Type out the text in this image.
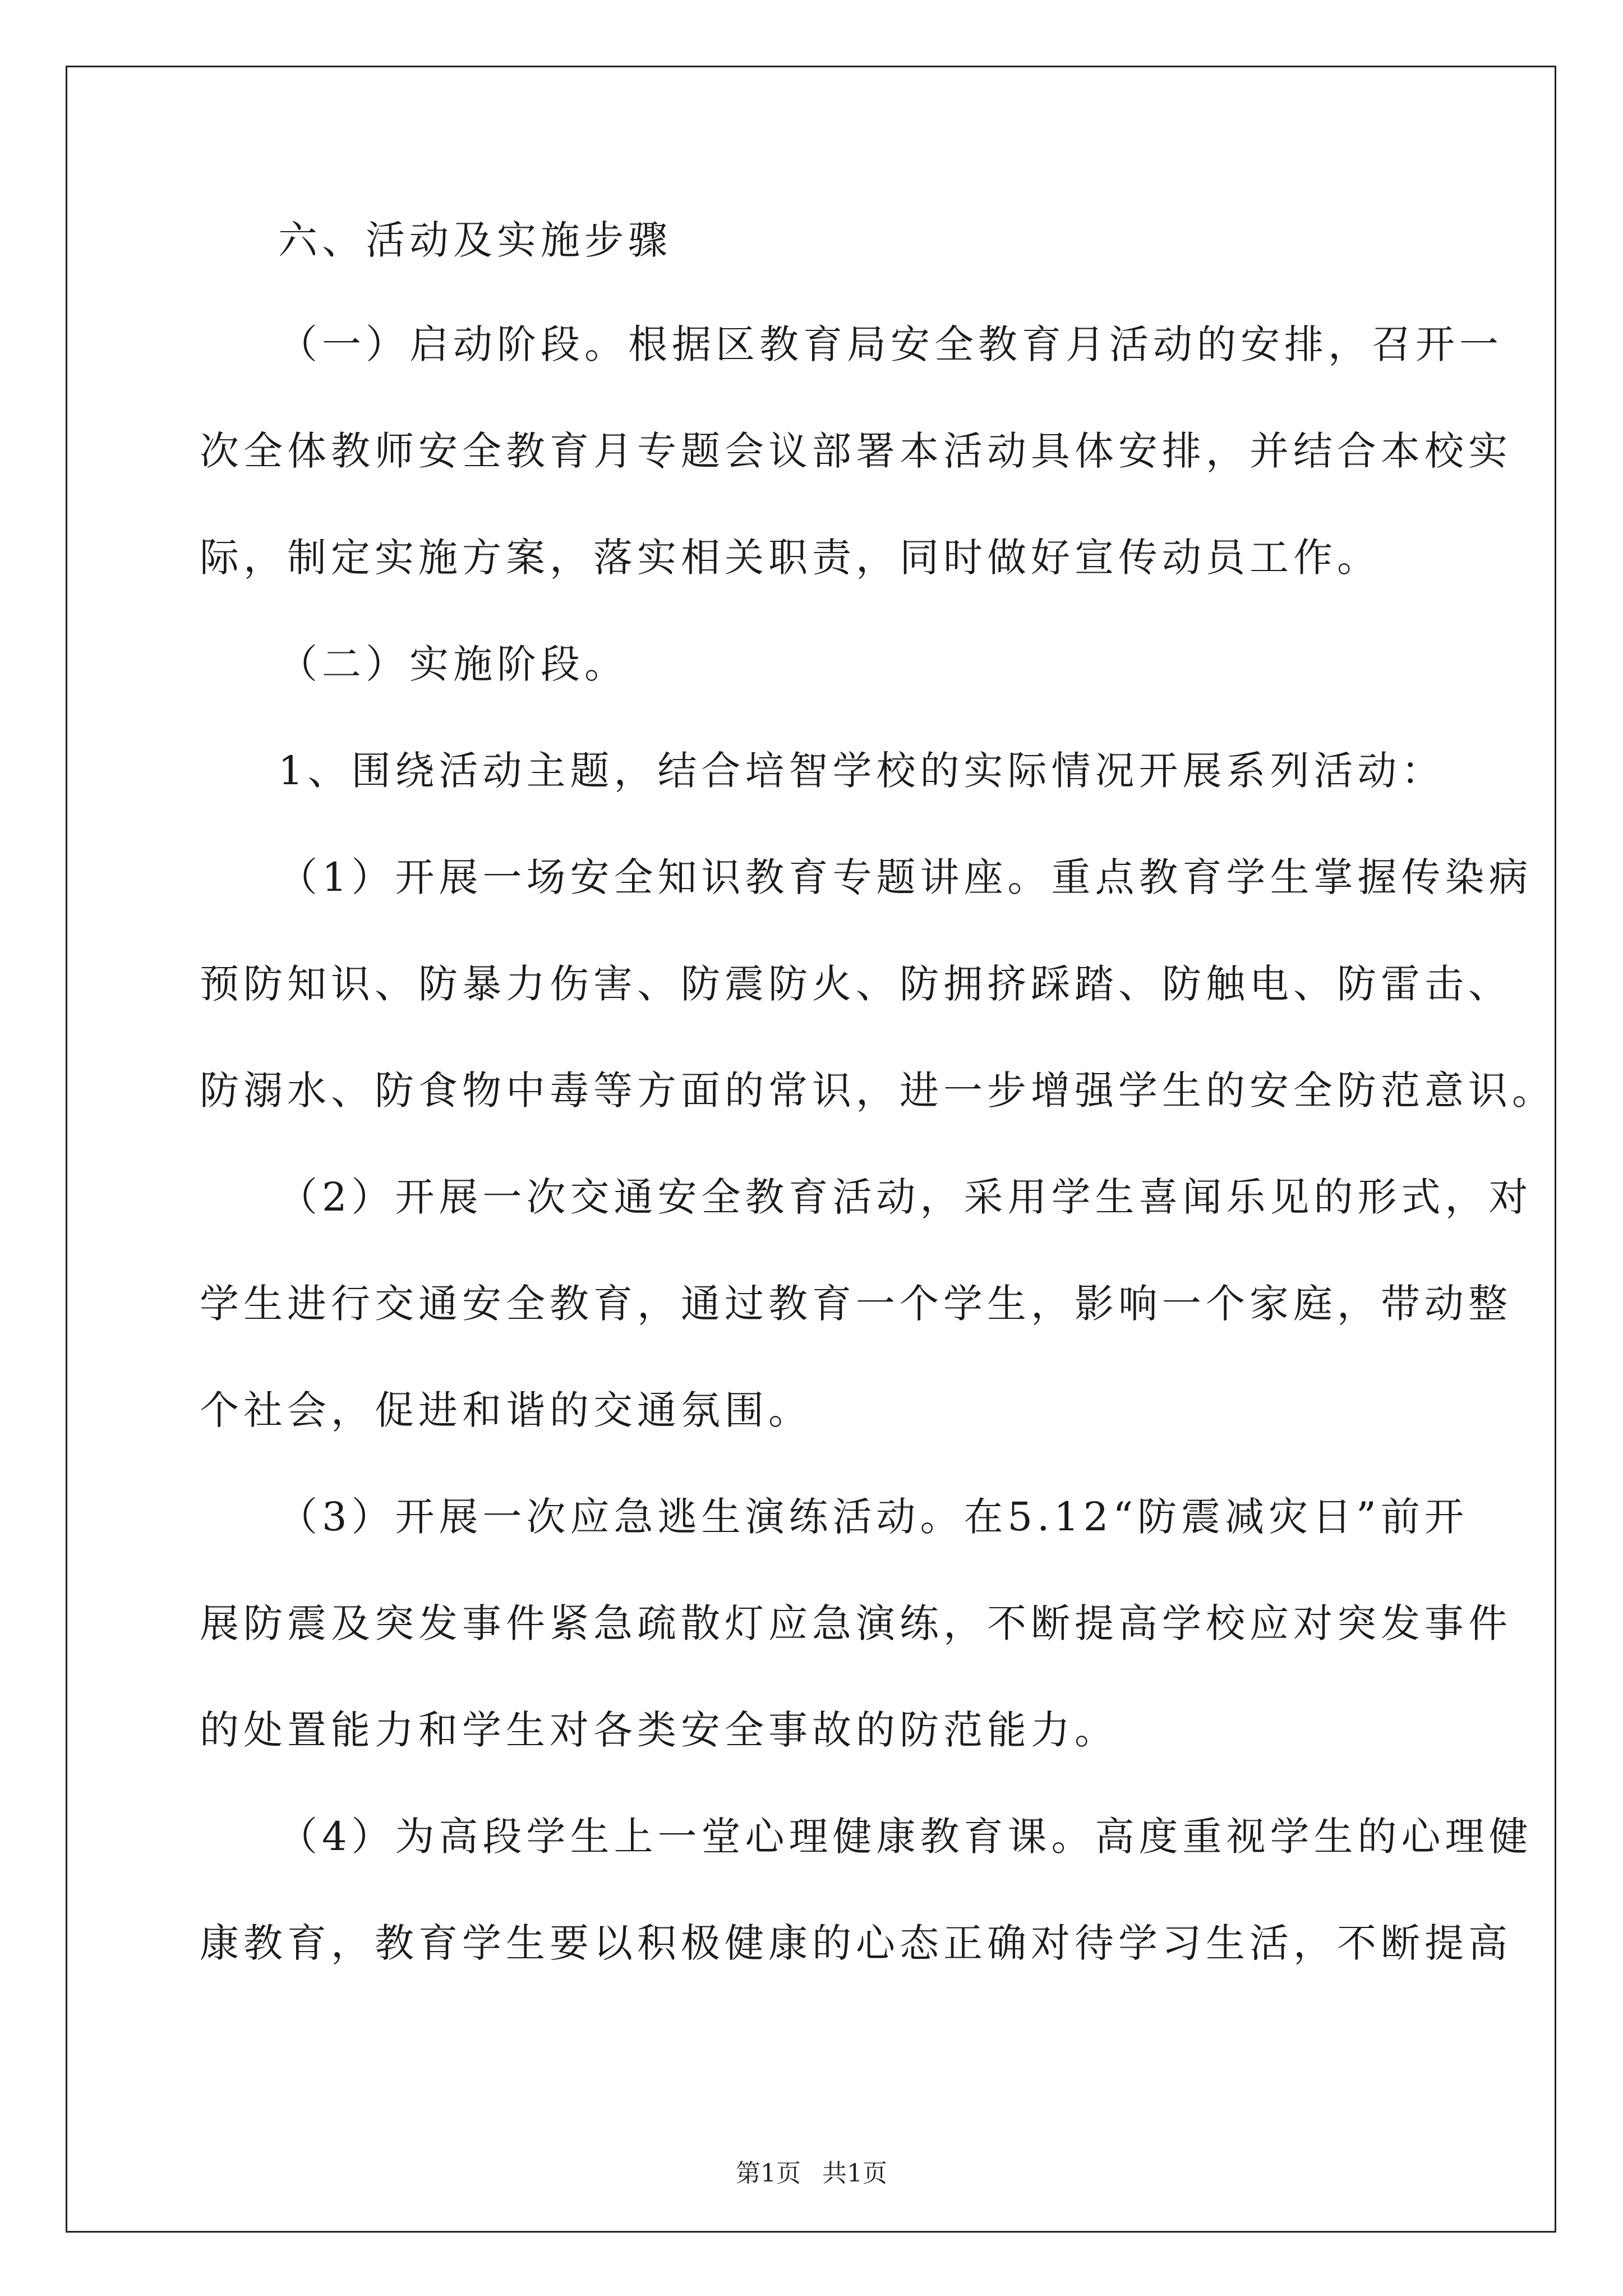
六、活动及实施步骤
（一）启动阶段。根据区教育局安全教育月活动的安排，召开一
次全体教师安全教育月专题会议部署本活动具体安排，并结合本校实
际，制定实施方案，落实相关职责，同时做好宣传动员工作。
（二）实施阶段。
1、围绕活动主题，结合培智学校的实际情况开展系列活动：
（1）开展一场安全知识教育专题讲座。重点教育学生掌握传染病
预防知识、防暴力伤害、防震防火、防拥挤踩踏、防触电、防雷击、
防溺水、防食物中毒等方面的常识，进一步增强学生的安全防范意识。
（2）开展一次交通安全教育活动，采用学生喜闻乐见的形式，对
学生进行交通安全教育，通过教育一个学生，影响一个家庭，带动整
个社会，促进和谐的交通氛围。
（3）开展一次应急逃生演练活动。在5.12“防震减灾日”前开
展防震及突发事件紧急疏散灯应急演练，不断提高学校应对突发事件
的处置能力和学生对各类安全事故的防范能力。
（4）为高段学生上一堂心理健康教育课。高度重视学生的心理健
康教育，教育学生要以积极健康的心态正确对待学习生活，不断提高
第1页 共1页
